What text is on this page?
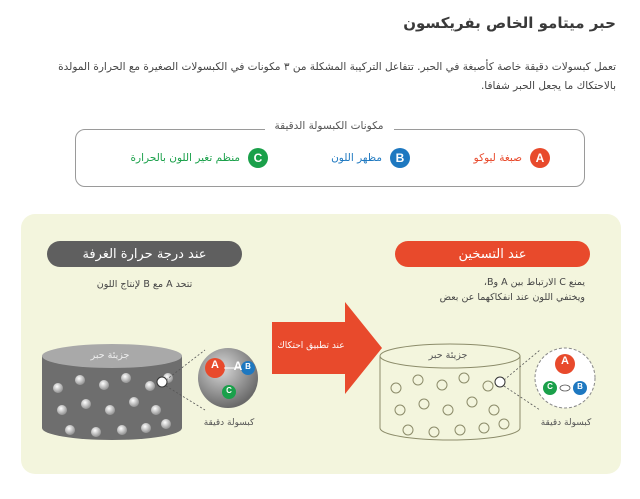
حبر ميتامو الخاص بفريكسون
تعمل كبسولات دقيقة خاصة كأصبغة في الحبر. تتفاعل التركيبة المشكلة من ٣ مكونات في الكبسولات الصغيرة مع الحرارة المولدة بالاحتكاك ما يجعل الحبر شفافا.
مكونات الكبسولة الدقيقة
A
صبغة ليوكو
B
مظهر اللون
C
منظم تغير اللون بالحرارة
عند درجة حرارة الغرفة	عند التسخين
تتحد A مع B لإنتاج اللون	يمنع C الارتباط بين A وB،
ويختفي اللون عند انفكاكهما عن بعض
A
جزيئة حبر	جزيئة حبر
كبسولة دقيقة	كبسولة دقيقة
عند تطبيق احتكاك
A	B
C
A
C	B
